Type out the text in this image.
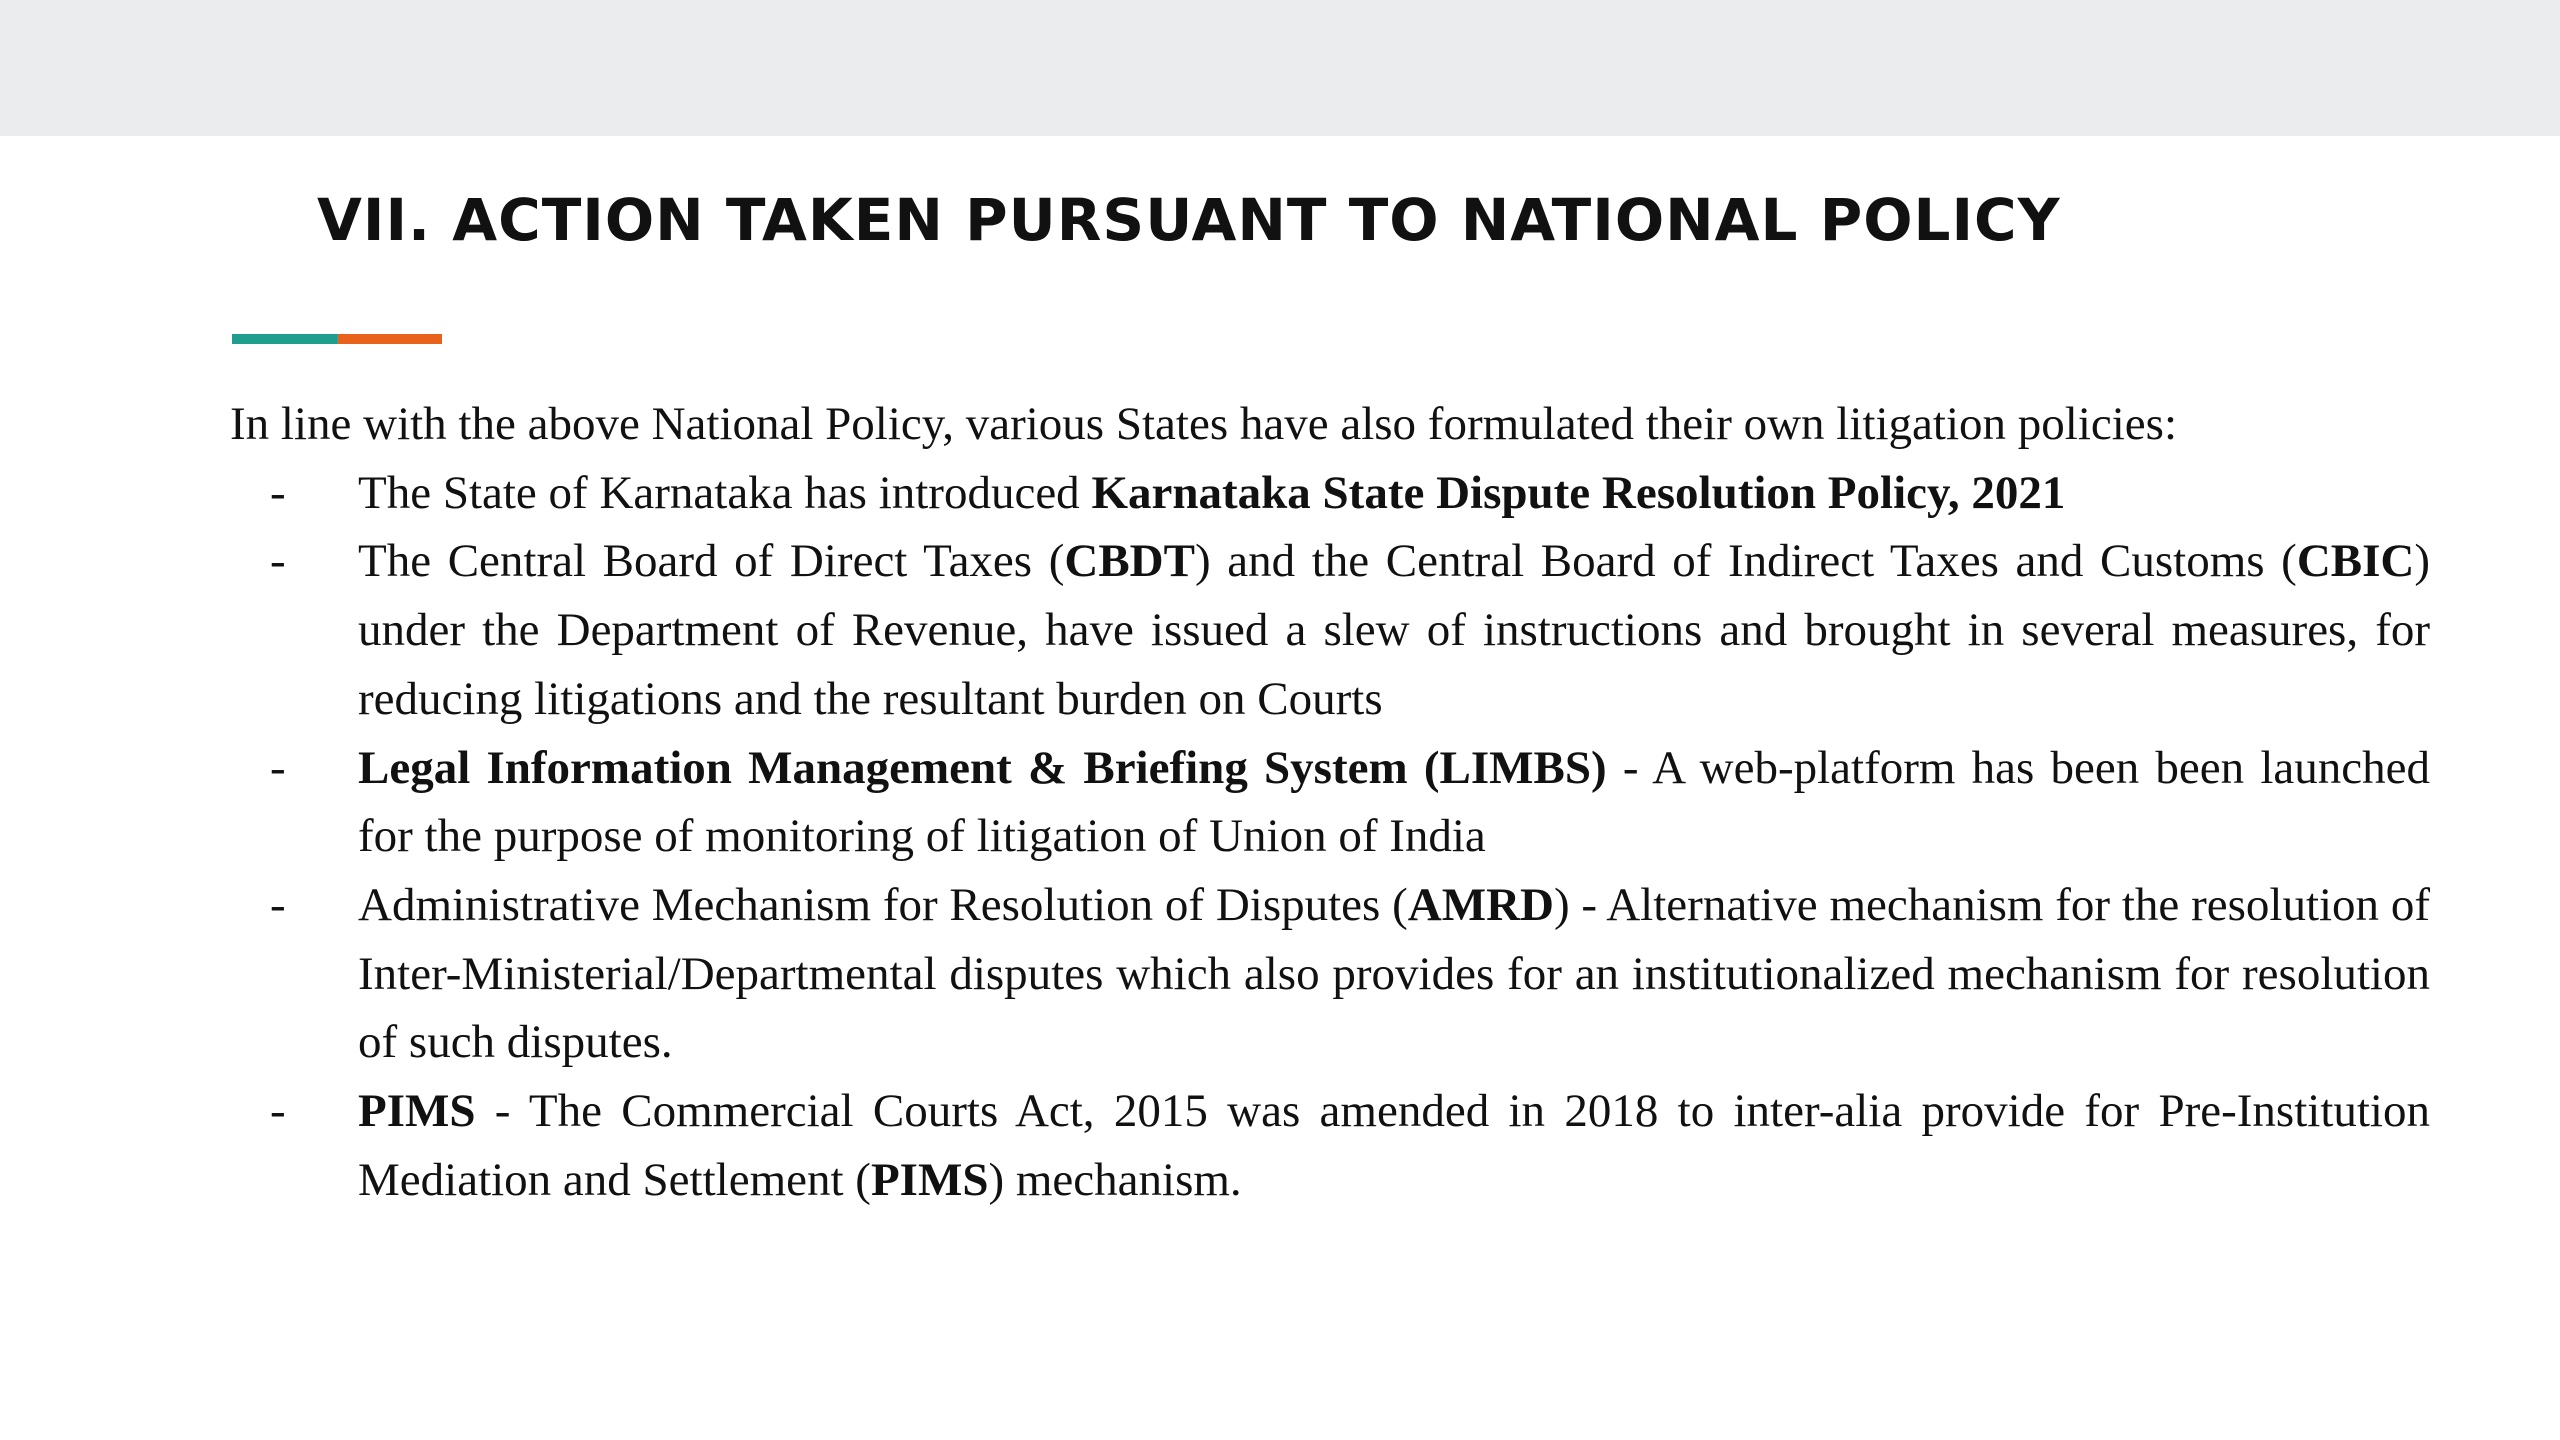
VII. ACTION TAKEN PURSUANT TO NATIONAL POLICY

In line with the above National Policy, various States have also formulated their own litigation policies:

- The State of Karnataka has introduced Karnataka State Dispute Resolution Policy, 2021
- The Central Board of Direct Taxes (CBDT) and the Central Board of Indirect Taxes and Customs (CBIC) under the Department of Revenue, have issued a slew of instructions and brought in several measures, for reducing litigations and the resultant burden on Courts
- Legal Information Management & Briefing System (LIMBS) - A web-platform has been been launched for the purpose of monitoring of litigation of Union of India
- Administrative Mechanism for Resolution of Disputes (AMRD) - Alternative mechanism for the resolution of Inter-Ministerial/Departmental disputes which also provides for an institutionalized mechanism for resolution of such disputes.
- PIMS - The Commercial Courts Act, 2015 was amended in 2018 to inter-alia provide for Pre-Institution Mediation and Settlement (PIMS) mechanism.
